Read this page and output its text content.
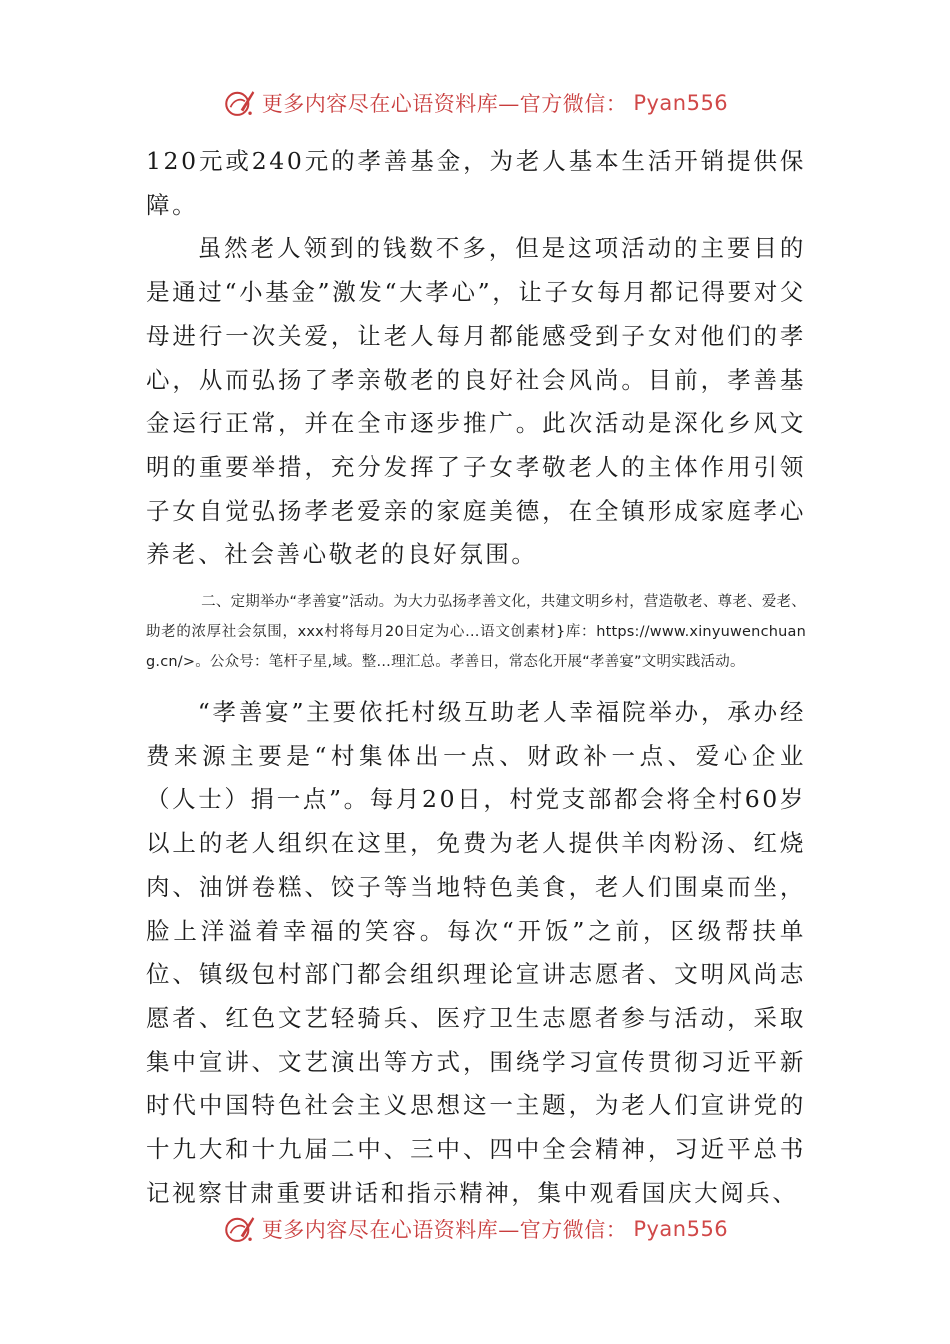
更多内容尽在心语资料库—官方微信： Pyan556

120元或240元的孝善基金，为老人基本生活开销提供保障。

虽然老人领到的钱数不多，但是这项活动的主要目的是通过“小基金”激发“大孝心”，让子女每月都记得要对父母进行一次关爱，让老人每月都能感受到子女对他们的孝心，从而弘扬了孝亲敬老的良好社会风尚。目前，孝善基金运行正常，并在全市逐步推广。此次活动是深化乡风文明的重要举措，充分发挥了子女孝敬老人的主体作用引领子女自觉弘扬孝老爱亲的家庭美德，在全镇形成家庭孝心养老、社会善心敬老的良好氛围。

二、定期举办“孝善宴”活动。为大力弘扬孝善文化，共建文明乡村，营造敬老、尊老、爱老、助老的浓厚社会氛围，xxx村将每月20日定为心…语文创素材}库：https://www.xinyuwenchuang.cn/>。公众号：笔杆子星,域。整…理汇总。孝善日，常态化开展“孝善宴”文明实践活动。

“孝善宴”主要依托村级互助老人幸福院举办，承办经费来源主要是“村集体出一点、财政补一点、爱心企业（人士）捐一点”。每月20日，村党支部都会将全村60岁以上的老人组织在这里，免费为老人提供羊肉粉汤、红烧肉、油饼卷糕、饺子等当地特色美食，老人们围桌而坐，脸上洋溢着幸福的笑容。每次“开饭”之前，区级帮扶单位、镇级包村部门都会组织理论宣讲志愿者、文明风尚志愿者、红色文艺轻骑兵、医疗卫生志愿者参与活动，采取集中宣讲、文艺演出等方式，围绕学习宣传贯彻习近平新时代中国特色社会主义思想这一主题，为老人们宣讲党的十九大和十九届二中、三中、四中全会精神，习近平总书记视察甘肃重要讲话和指示精神，集中观看国庆大阅兵、

更多内容尽在心语资料库—官方微信： Pyan556
